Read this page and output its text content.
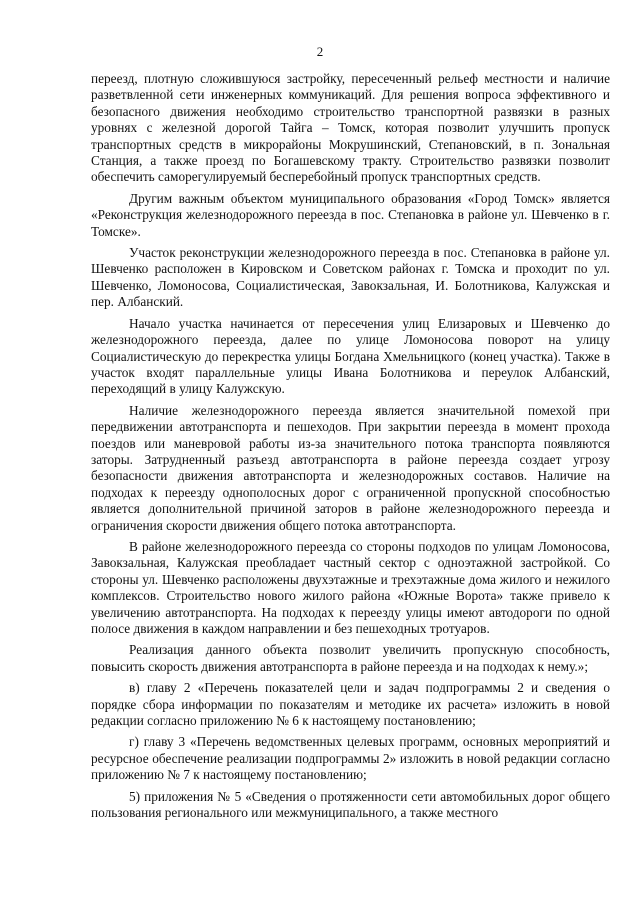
2

переезд, плотную сложившуюся застройку, пересеченный рельеф местности и наличие разветвленной сети инженерных коммуникаций. Для решения вопроса эффективного и безопасного движения необходимо строительство транспортной развязки в разных уровнях с железной дорогой Тайга – Томск, которая позволит улучшить пропуск транспортных средств в микрорайоны Мокрушинский, Степановский, в п. Зональная Станция, а также проезд по Богашевскому тракту. Строительство развязки позволит обеспечить саморегулируемый бесперебойный пропуск транспортных средств.

Другим важным объектом муниципального образования «Город Томск» является «Реконструкция железнодорожного переезда в пос. Степановка в районе ул. Шевченко в г. Томске».

Участок реконструкции железнодорожного переезда в пос. Степановка в районе ул. Шевченко расположен в Кировском и Советском районах г. Томска и проходит по ул. Шевченко, Ломоносова, Социалистическая, Завокзальная, И. Болотникова, Калужская и пер. Албанский.

Начало участка начинается от пересечения улиц Елизаровых и Шевченко до железнодорожного переезда, далее по улице Ломоносова поворот на улицу Социалистическую до перекрестка улицы Богдана Хмельницкого (конец участка). Также в участок входят параллельные улицы Ивана Болотникова и переулок Албанский, переходящий в улицу Калужскую.

Наличие железнодорожного переезда является значительной помехой при передвижении автотранспорта и пешеходов. При закрытии переезда в момент прохода поездов или маневровой работы из-за значительного потока транспорта появляются заторы. Затрудненный разъезд автотранспорта в районе переезда создает угрозу безопасности движения автотранспорта и железнодорожных составов. Наличие на подходах к переезду однополосных дорог с ограниченной пропускной способностью является дополнительной причиной заторов в районе железнодорожного переезда и ограничения скорости движения общего потока автотранспорта.

В районе железнодорожного переезда со стороны подходов по улицам Ломоносова, Завокзальная, Калужская преобладает частный сектор с одноэтажной застройкой. Со стороны ул. Шевченко расположены двухэтажные и трехэтажные дома жилого и нежилого комплексов. Строительство нового жилого района «Южные Ворота» также привело к увеличению автотранспорта. На подходах к переезду улицы имеют автодороги по одной полосе движения в каждом направлении и без пешеходных тротуаров.

Реализация данного объекта позволит увеличить пропускную способность, повысить скорость движения автотранспорта в районе переезда и на подходах к нему.»;

в) главу 2 «Перечень показателей цели и задач подпрограммы 2 и сведения о порядке сбора информации по показателям и методике их расчета» изложить в новой редакции согласно приложению № 6 к настоящему постановлению;

г) главу 3 «Перечень ведомственных целевых программ, основных мероприятий и ресурсное обеспечение реализации подпрограммы 2» изложить в новой редакции согласно приложению № 7 к настоящему постановлению;

5) приложения № 5 «Сведения о протяженности сети автомобильных дорог общего пользования регионального или межмуниципального, а также местного
